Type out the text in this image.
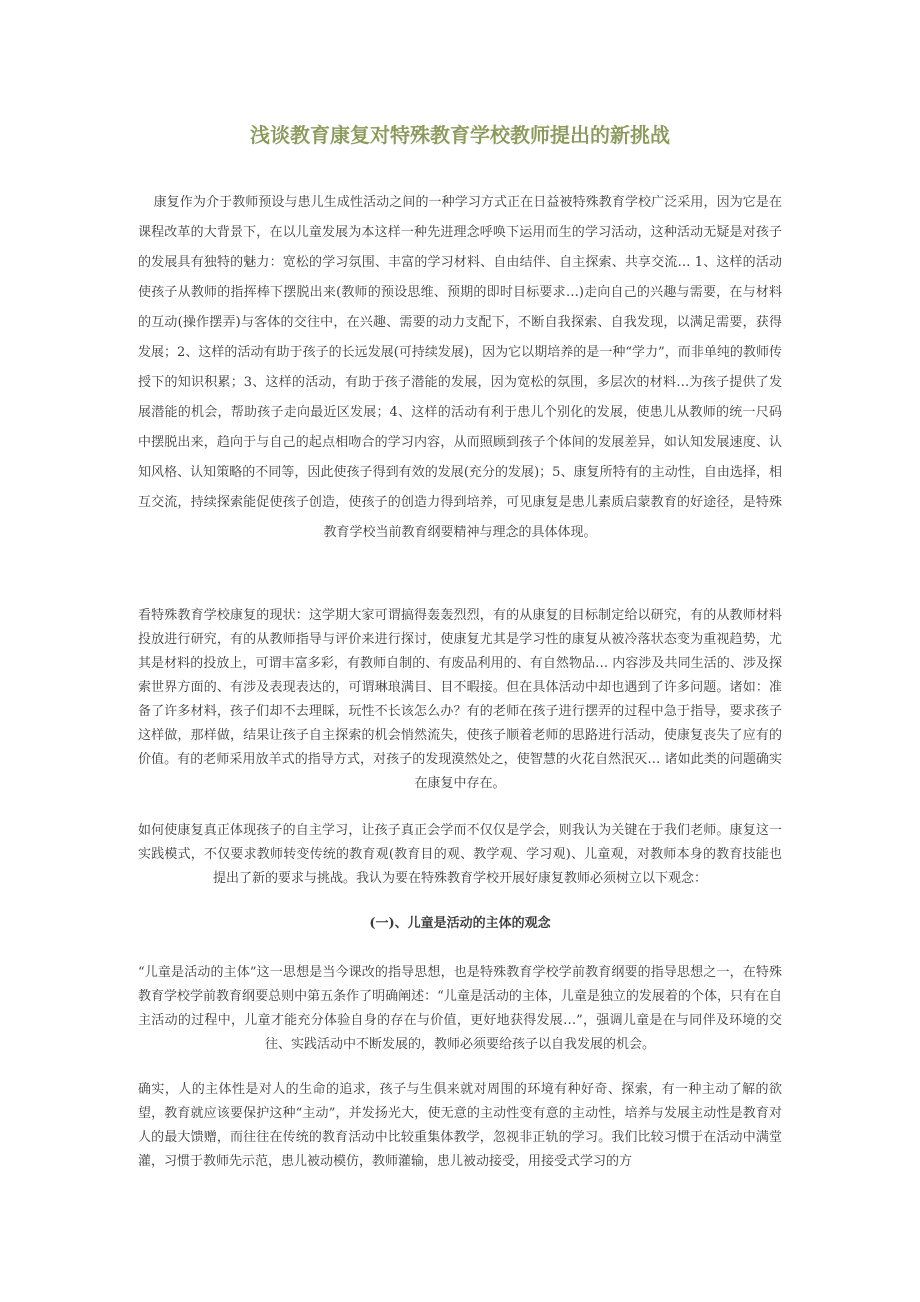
浅谈教育康复对特殊教育学校教师提出的新挑战

康复作为介于教师预设与患儿生成性活动之间的一种学习方式正在日益被特殊教育学校广泛采用，因为它是在课程改革的大背景下，在以儿童发展为本这样一种先进理念呼唤下运用而生的学习活动，这种活动无疑是对孩子的发展具有独特的魅力：宽松的学习氛围、丰富的学习材料、自由结伴、自主探索、共享交流… 1、这样的活动使孩子从教师的指挥棒下摆脱出来(教师的预设思维、预期的即时目标要求…)走向自己的兴趣与需要，在与材料的互动(操作摆弄)与客体的交往中，在兴趣、需要的动力支配下，不断自我探索、自我发现，以满足需要，获得发展；2、这样的活动有助于孩子的长远发展(可持续发展)，因为它以期培养的是一种“学力”，而非单纯的教师传授下的知识积累；3、这样的活动，有助于孩子潜能的发展，因为宽松的氛围，多层次的材料…为孩子提供了发展潜能的机会，帮助孩子走向最近区发展；4、这样的活动有利于患儿个别化的发展，使患儿从教师的统一尺码中摆脱出来，趋向于与自己的起点相吻合的学习内容，从而照顾到孩子个体间的发展差异，如认知发展速度、认知风格、认知策略的不同等，因此使孩子得到有效的发展(充分的发展)；5、康复所特有的主动性，自由选择，相互交流，持续探索能促使孩子创造，使孩子的创造力得到培养，可见康复是患儿素质启蒙教育的好途径，是特殊教育学校当前教育纲要精神与理念的具体体现。

看特殊教育学校康复的现状：这学期大家可谓搞得轰轰烈烈，有的从康复的目标制定给以研究，有的从教师材料投放进行研究，有的从教师指导与评价来进行探讨，使康复尤其是学习性的康复从被冷落状态变为重视趋势，尤其是材料的投放上，可谓丰富多彩，有教师自制的、有废品利用的、有自然物品… 内容涉及共同生活的、涉及探索世界方面的、有涉及表现表达的，可谓琳琅满目、目不暇接。但在具体活动中却也遇到了许多问题。诸如：准备了许多材料，孩子们却不去理睬，玩性不长该怎么办？有的老师在孩子进行摆弄的过程中急于指导，要求孩子这样做，那样做，结果让孩子自主探索的机会悄然流失，使孩子顺着老师的思路进行活动，使康复丧失了应有的价值。有的老师采用放羊式的指导方式，对孩子的发现漠然处之，使智慧的火花自然泯灭… 诸如此类的问题确实在康复中存在。

如何使康复真正体现孩子的自主学习，让孩子真正会学而不仅仅是学会，则我认为关键在于我们老师。康复这一实践模式，不仅要求教师转变传统的教育观(教育目的观、教学观、学习观)、儿童观，对教师本身的教育技能也提出了新的要求与挑战。我认为要在特殊教育学校开展好康复教师必须树立以下观念：

(一)、儿童是活动的主体的观念

“儿童是活动的主体”这一思想是当今课改的指导思想，也是特殊教育学校学前教育纲要的指导思想之一，在特殊教育学校学前教育纲要总则中第五条作了明确阐述：“儿童是活动的主体，儿童是独立的发展着的个体，只有在自主活动的过程中，儿童才能充分体验自身的存在与价值，更好地获得发展…”，强调儿童是在与同伴及环境的交往、实践活动中不断发展的，教师必须要给孩子以自我发展的机会。

确实，人的主体性是对人的生命的追求，孩子与生俱来就对周围的环境有种好奇、探索，有一种主动了解的欲望，教育就应该要保护这种“主动”，并发扬光大，使无意的主动性变有意的主动性，培养与发展主动性是教育对人的最大馈赠，而往往在传统的教育活动中比较重集体教学，忽视非正轨的学习。我们比较习惯于在活动中满堂灌，习惯于教师先示范，患儿被动模仿，教师灌输，患儿被动接受，用接受式学习的方
